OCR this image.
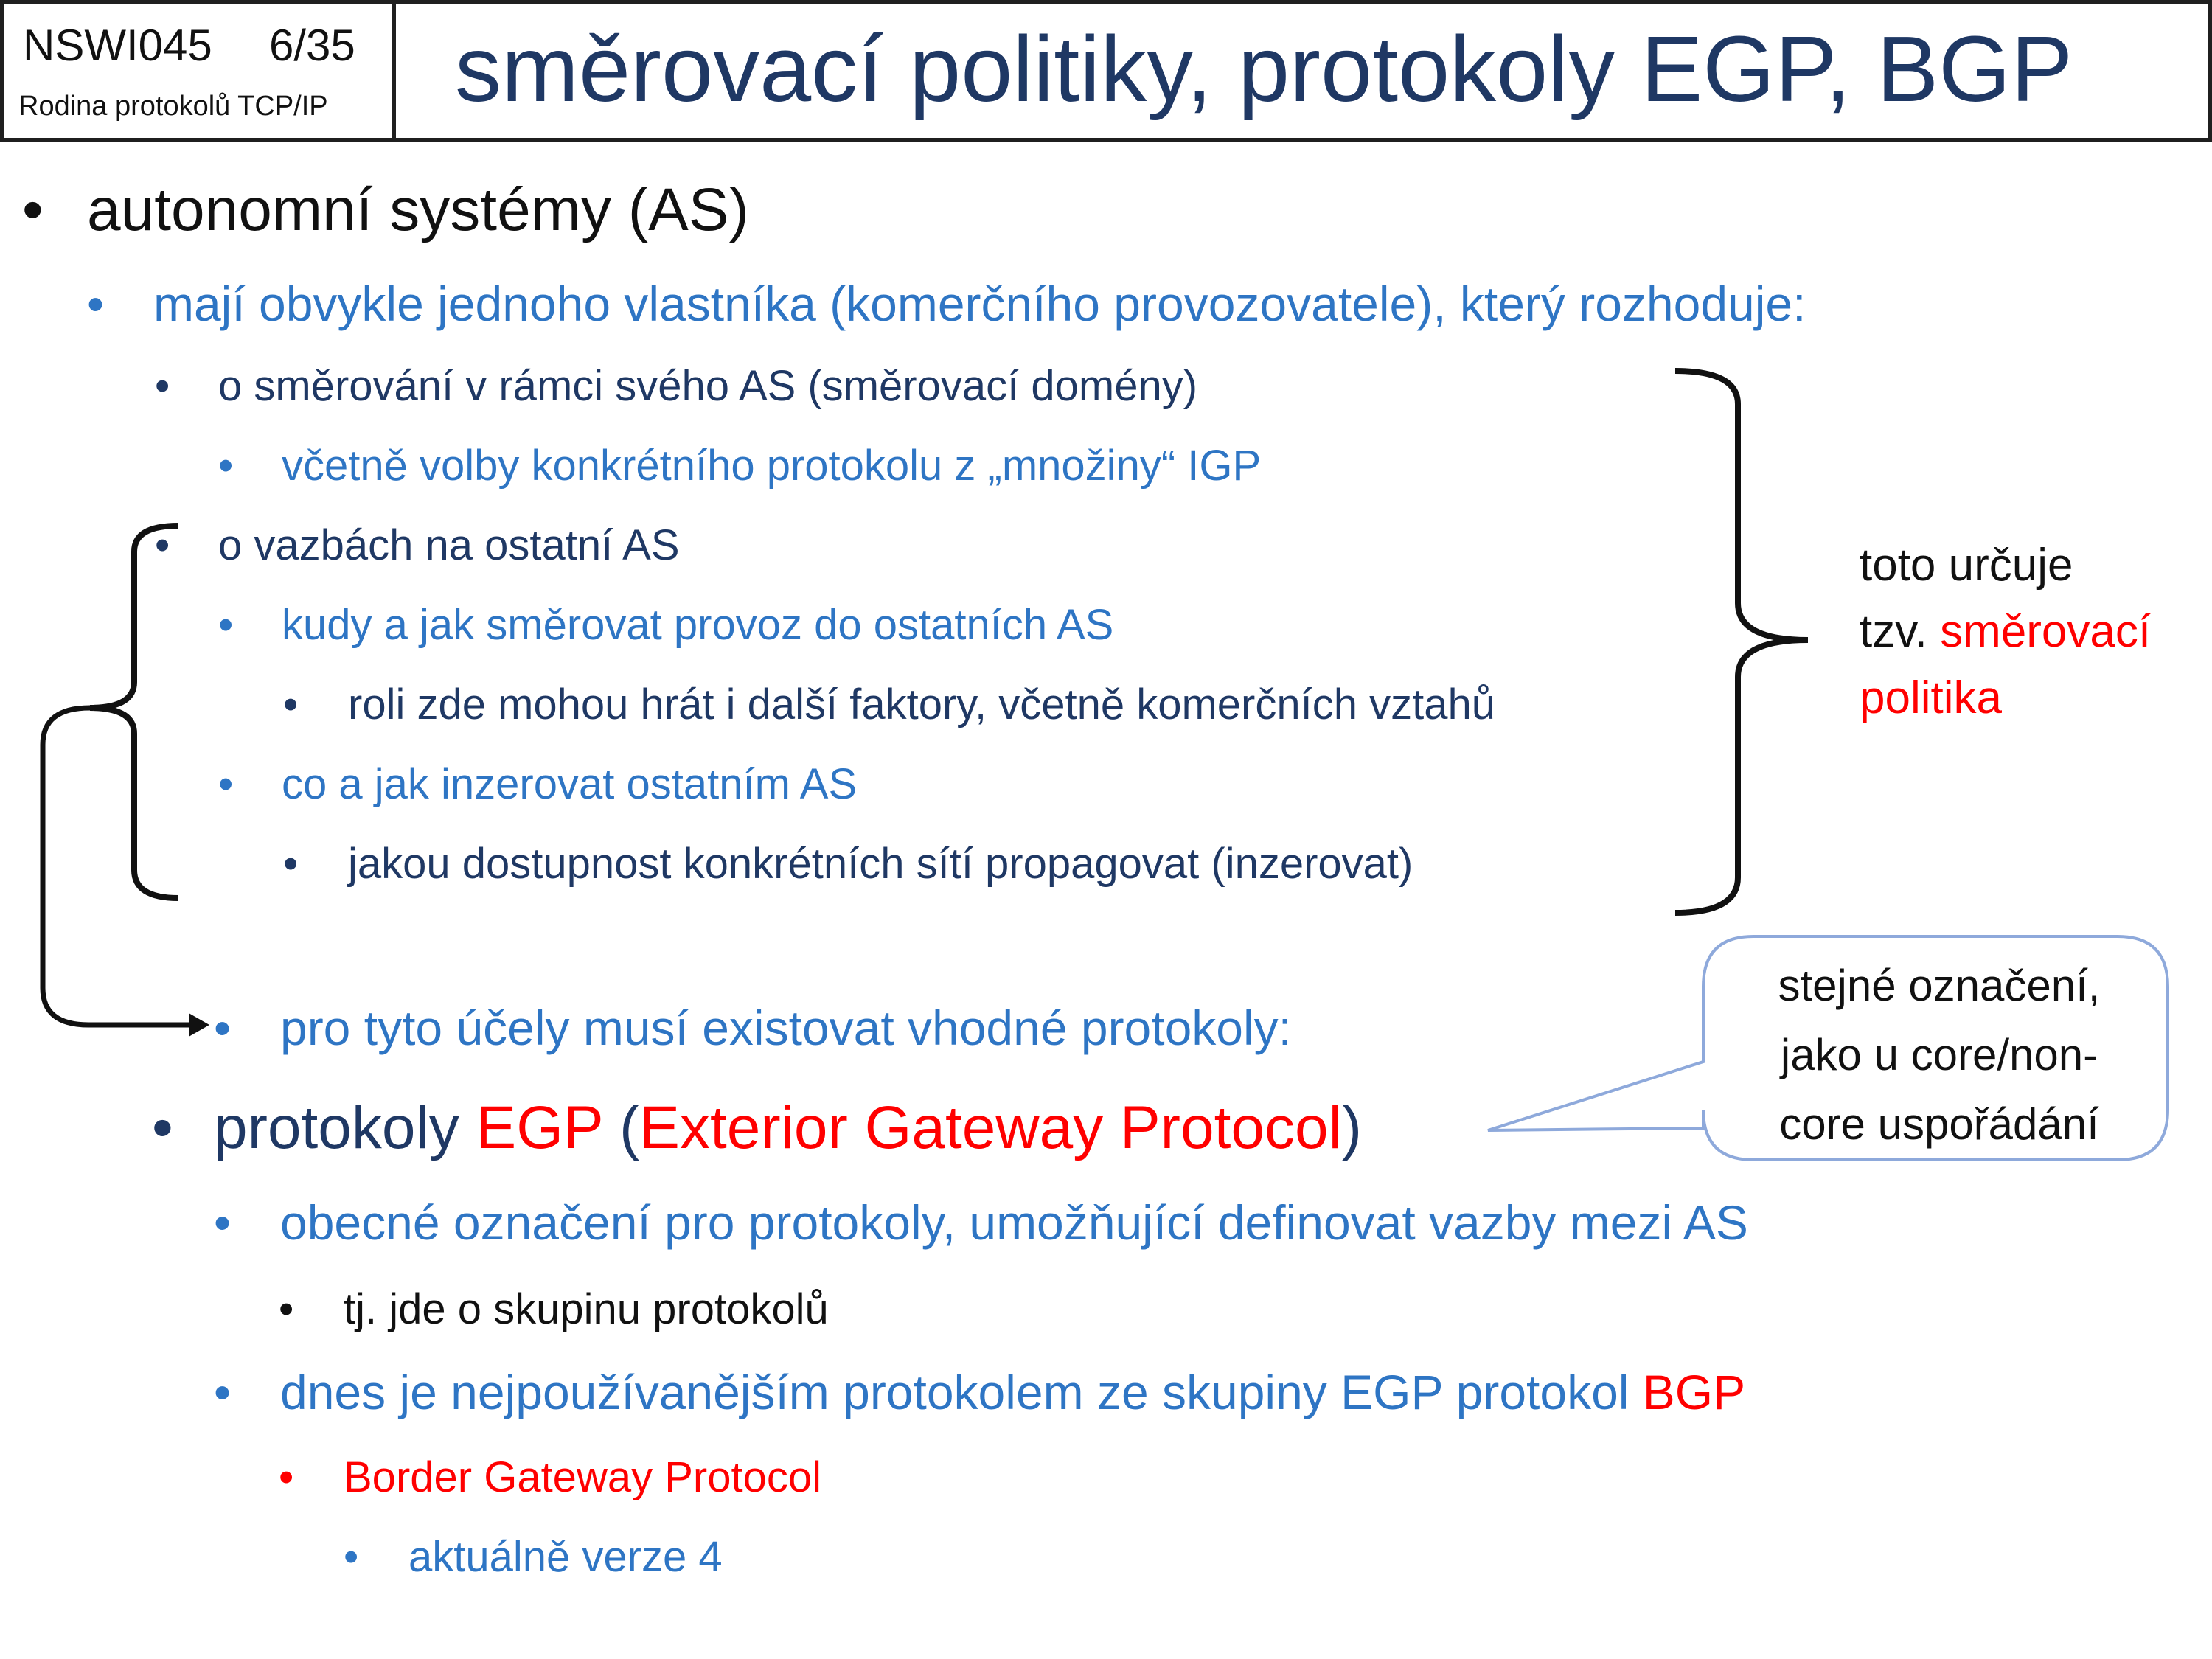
NSWI045 6/35
Rodina protokolů TCP/IP směrovací politiky, protokoly EGP, BGP
• autonomní systémy (AS)
• mají obvykle jednoho vlastníka (komerčního provozovatele), který rozhoduje:
• o směrování v rámci svého AS (směrovací domény)
• včetně volby konkrétního protokolu z „množiny“ IGP
• o vazbách na ostatní AS
• kudy a jak směrovat provoz do ostatních AS
• roli zde mohou hrát i další faktory, včetně komerčních vztahů
• co a jak inzerovat ostatním AS
• jakou dostupnost konkrétních sítí propagovat (inzerovat)
• pro tyto účely musí existovat vhodné protokoly:
• protokoly EGP (Exterior Gateway Protocol)
• obecné označení pro protokoly, umožňující definovat vazby mezi AS
• tj. jde o skupinu protokolů
• dnes je nejpoužívanějším protokolem ze skupiny EGP protokol BGP
• Border Gateway Protocol
• aktuálně verze 4
toto určuje
tzv. směrovací
politika
stejné označení,
jako u core/non-
core uspořádání
